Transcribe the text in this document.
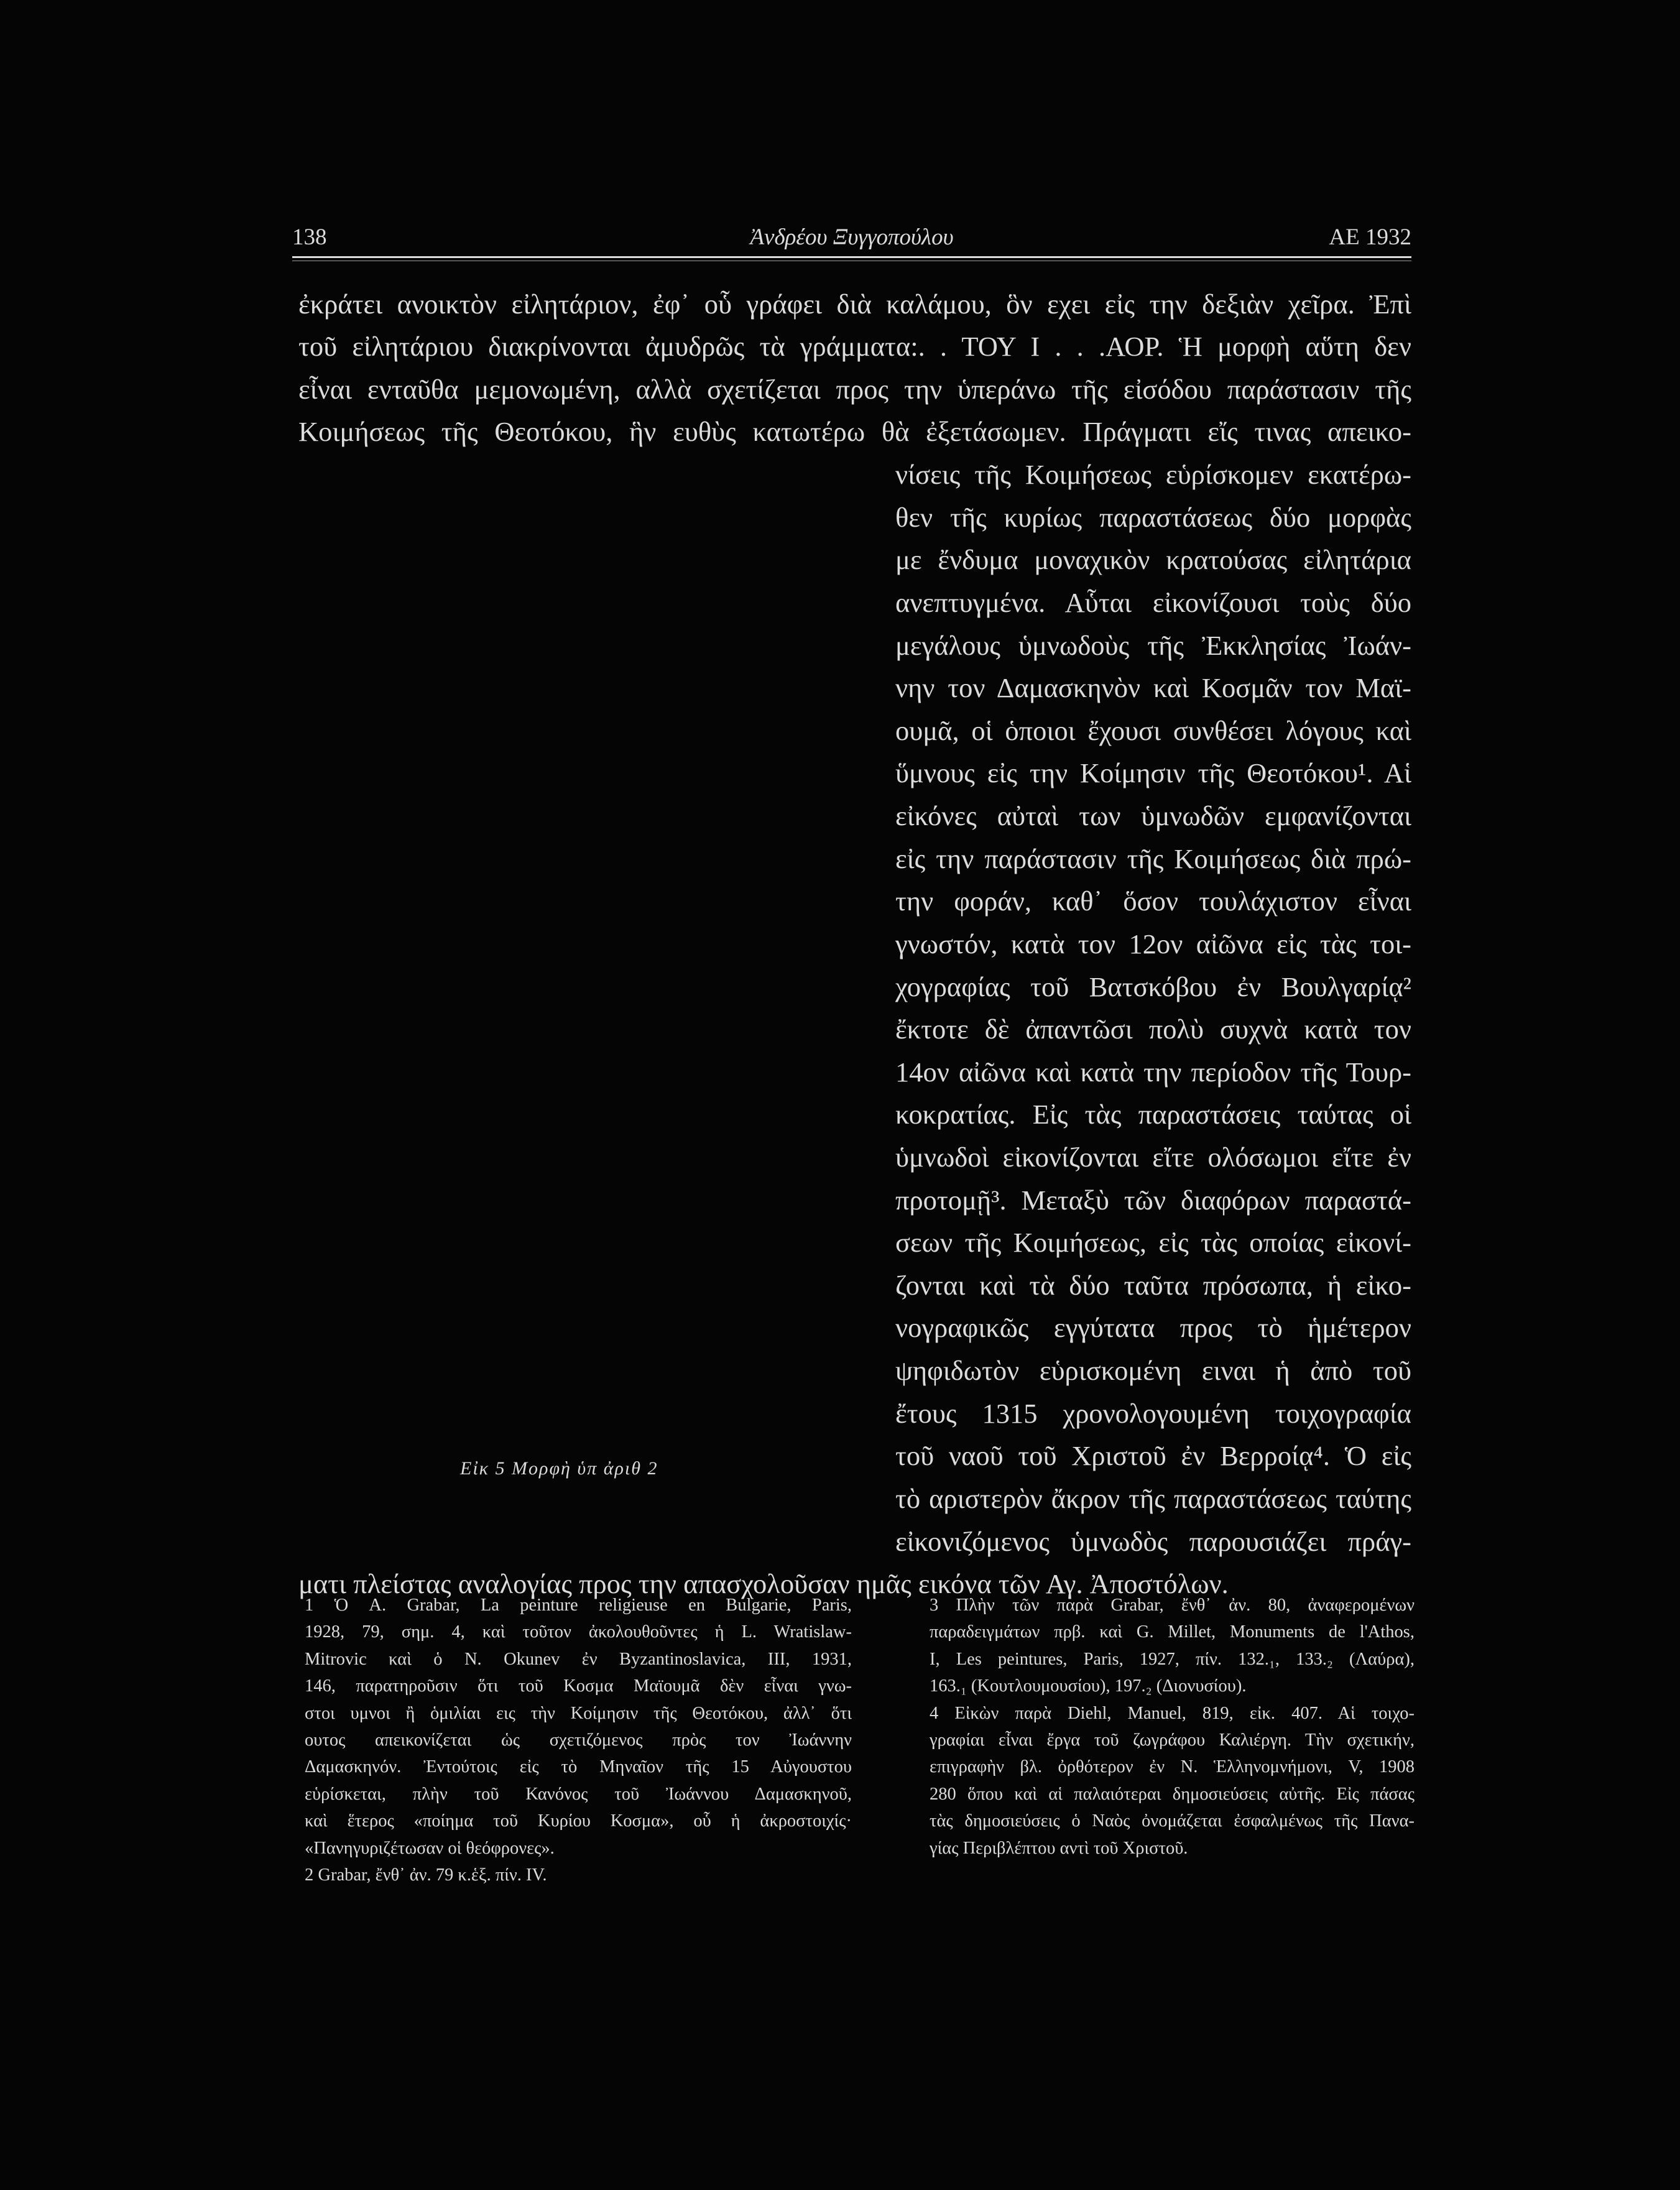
Ἀνδρέου Ξυγγοπούλου
138	ΑΕ 1932
ἐκράτει ανοικτὸν εἰλητάριον, ἐφ᾽ οὗ γράφει διὰ καλάμου, ὃν εχει εἰς την δεξιὰν χεῖρα. Ἐπὶ
τοῦ εἰλητάριου διακρίνονται ἀμυδρῶς τὰ γράμματα:. . ΤΟΥ Ι . . .ΑΟΡ. Ἡ μορφὴ αὕτη δεν
εἶναι ενταῦθα μεμονωμένη, αλλὰ σχετίζεται προς την ὑπεράνω τῆς εἰσόδου παράστασιν τῆς
Κοιμήσεως τῆς Θεοτόκου, ἣν ευθὺς κατωτέρω θὰ ἐξετάσωμεν. Πράγματι εἴς τινας απεικο-
νίσεις τῆς Κοιμήσεως εὑρίσκομεν εκατέρω-
θεν τῆς κυρίως παραστάσεως δύο μορφὰς
με ἔνδυμα μοναχικὸν κρατούσας εἰλητάρια
ανεπτυγμένα. Αὗται εἰκονίζουσι τοὺς δύο
μεγάλους ὑμνωδοὺς τῆς Ἐκκλησίας Ἰωάν-
νην τον Δαμασκηνὸν καὶ Κοσμᾶν τον Μαϊ-
ουμᾶ, οἱ ὁποιοι ἔχουσι συνθέσει λόγους καὶ
ὕμνους εἰς την Κοίμησιν τῆς Θεοτόκου¹. Αἱ
εἰκόνες αὐταὶ των ὑμνωδῶν εμφανίζονται
εἰς την παράστασιν τῆς Κοιμήσεως διὰ πρώ-
την φοράν, καθ᾽ ὅσον τουλάχιστον εἶναι
γνωστόν, κατὰ τον 12ον αἰῶνα εἰς τὰς τοι-
χογραφίας τοῦ Βατσκόβου ἐν Βουλγαρίᾳ²
ἔκτοτε δὲ ἀπαντῶσι πολὺ συχνὰ κατὰ τον
14ον αἰῶνα καὶ κατὰ την περίοδον τῆς Τουρ-
κοκρατίας. Εἰς τὰς παραστάσεις ταύτας οἱ
ὑμνωδοὶ εἰκονίζονται εἴτε ολόσωμοι εἴτε ἐν
προτομῇ³. Μεταξὺ τῶν διαφόρων παραστά-
σεων τῆς Κοιμήσεως, εἰς τὰς οποίας εἰκονί-
ζονται καὶ τὰ δύο ταῦτα πρόσωπα, ἡ εἰκο-
νογραφικῶς εγγύτατα προς τὸ ἡμέτερον
ψηφιδωτὸν εὑρισκομένη ειναι ἡ ἀπὸ τοῦ
ἔτους 1315 χρονολογουμένη τοιχογραφία
τοῦ ναοῦ τοῦ Χριστοῦ ἐν Βερροίᾳ⁴. Ὁ εἰς
τὸ αριστερὸν ἄκρον τῆς παραστάσεως ταύτης
εἰκονιζόμενος ὑμνωδὸς παρουσιάζει πράγ-
ματι πλείστας αναλογίας προς την απασχολοῦσαν ημᾶς εικόνα τῶν Αγ. Ἀποστόλων.
Εἰκ 5 Μορφὴ ὑπ ἀριθ 2
1 Ὁ A. Grabar, La peinture religieuse en Bulgarie, Paris,
1928, 79, σημ. 4, καὶ τοῦτον ἀκολουθοῦντες ἡ L. Wratislaw-
Mitrovic καὶ ὁ N. Okunev ἐν Byzantinoslavica, III, 1931,
146, παρατηροῦσιν ὅτι τοῦ Κοσμα Μαϊουμᾶ δὲν εἶναι γνω-
στοι υμνοι ἢ ὁμιλίαι εις τὴν Κοίμησιν τῆς Θεοτόκου, ἀλλ᾽ ὅτι
ουτος απεικονίζεται ὡς σχετιζόμενος πρὸς τον Ἰωάννην
Δαμασκηνόν. Ἐντούτοις εἰς τὸ Μηναῖον τῆς 15 Αὐγουστου
εὑρίσκεται, πλὴν τοῦ Κανόνος τοῦ Ἰωάννου Δαμασκηνοῦ,
καὶ ἕτερος «ποίημα τοῦ Κυρίου Κοσμα», οὗ ἡ ἀκροστοιχίς·
«Πανηγυριζέτωσαν οἱ θεόφρονες».
2 Grabar, ἔνθ᾽ ἀν. 79 κ.ἑξ. πίν. IV.
3 Πλὴν τῶν παρὰ Grabar, ἔνθ᾽ ἀν. 80, ἀναφερομένων
παραδειγμάτων πρβ. καὶ G. Millet, Monuments de l'Athos,
I, Les peintures, Paris, 1927, πίν. 132.₁, 133.₂ (Λαύρα),
163.₁ (Κουτλουμουσίου), 197.₂ (Διονυσίου).
4 Εἰκὼν παρὰ Diehl, Manuel, 819, εἰκ. 407. Αἱ τοιχο-
γραφίαι εἶναι ἔργα τοῦ ζωγράφου Καλιέργη. Τὴν σχετικήν,
επιγραφὴν βλ. ὀρθότερον ἐν Ν. Ἑλληνομνήμονι, V, 1908
280 ὅπου καὶ αἱ παλαιότεραι δημοσιεύσεις αὐτῆς. Εἰς πάσας
τὰς δημοσιεύσεις ὁ Ναὸς ὀνομάζεται ἐσφαλμένως τῆς Πανα-
γίας Περιβλέπτου αντὶ τοῦ Χριστοῦ.
